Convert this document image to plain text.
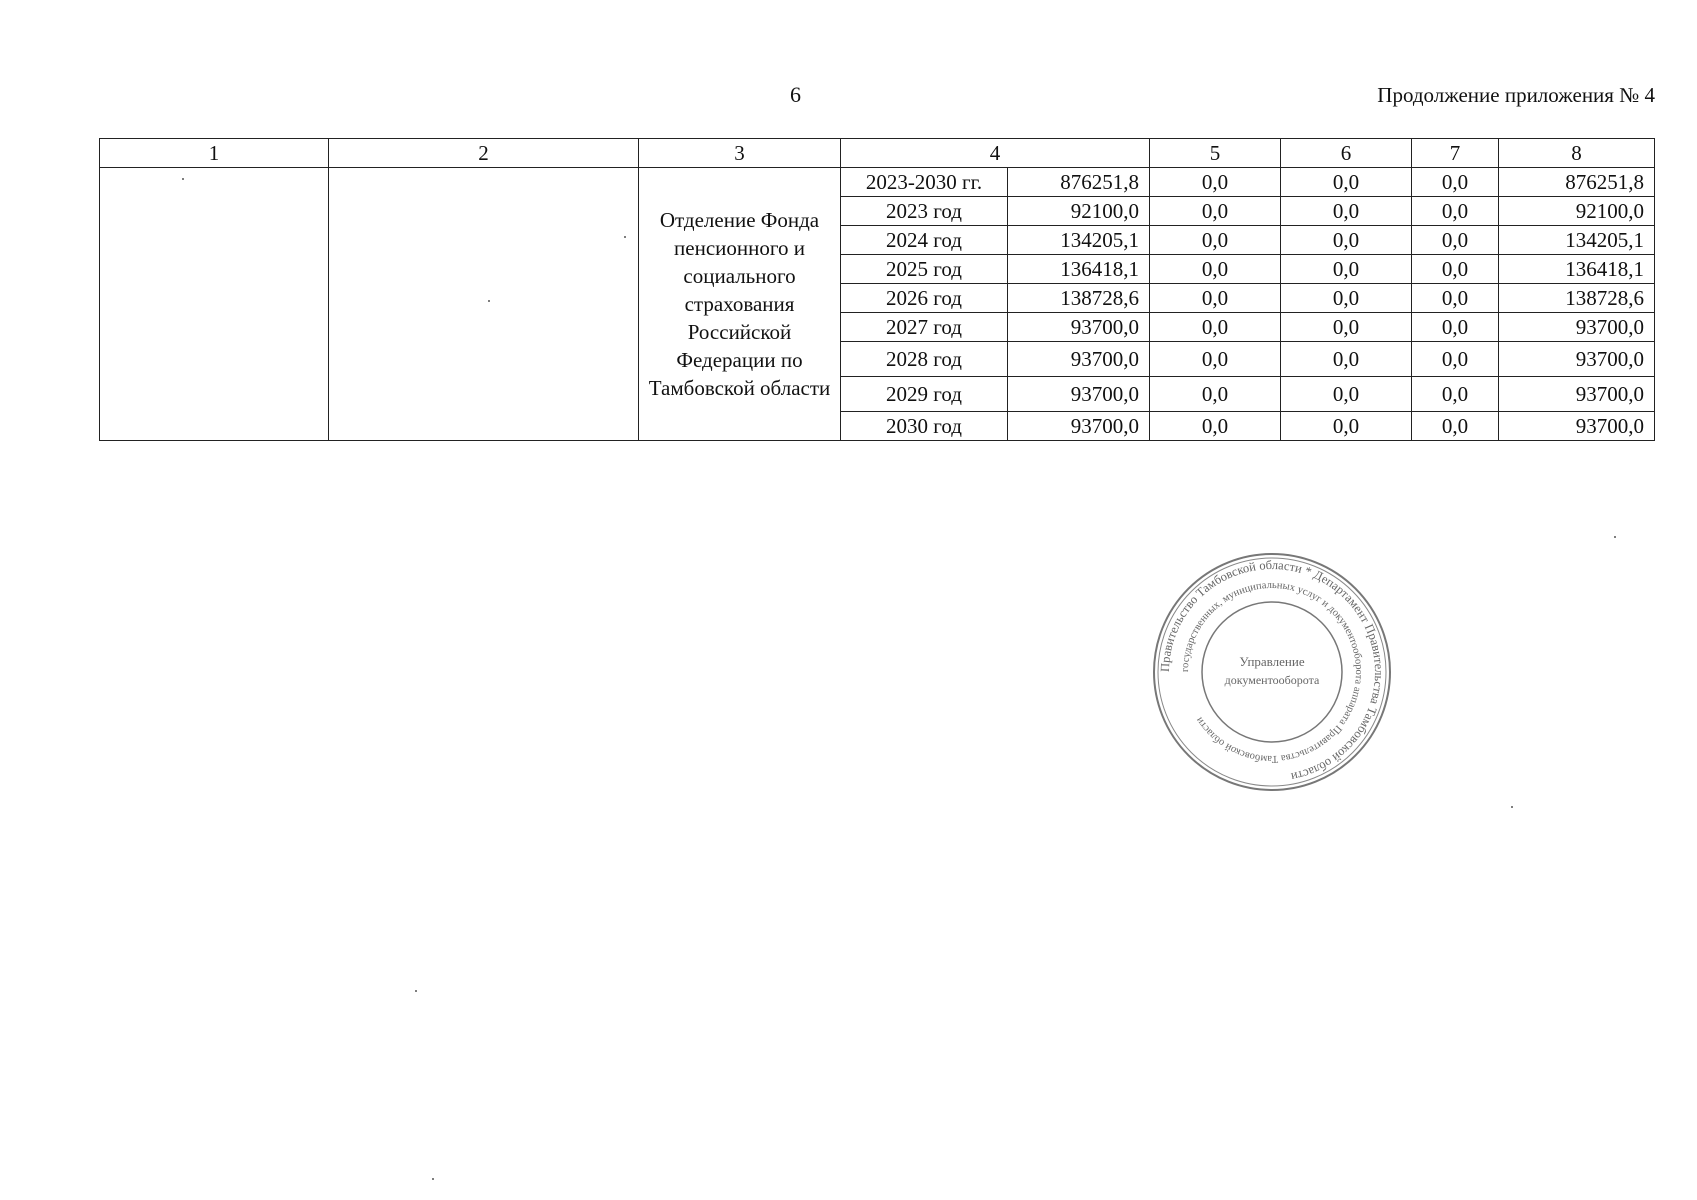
6	Продолжение приложения № 4
1	2	3	4		5	6	7	8
		Отделение Фонда пенсионного и социального страхования Российской Федерации по Тамбовской области	2023-2030 гг.	876251,8	0,0	0,0	0,0	876251,8
			2023 год	92100,0	0,0	0,0	0,0	92100,0
			2024 год	134205,1	0,0	0,0	0,0	134205,1
			2025 год	136418,1	0,0	0,0	0,0	136418,1
			2026 год	138728,6	0,0	0,0	0,0	138728,6
			2027 год	93700,0	0,0	0,0	0,0	93700,0
			2028 год	93700,0	0,0	0,0	0,0	93700,0
			2029 год	93700,0	0,0	0,0	0,0	93700,0
			2030 год	93700,0	0,0	0,0	0,0	93700,0
Правительство Тамбовской области * Департамент Правительства Тамбовской области
государственных, муниципальных услуг и документооборота аппарата Правительства Тамбовской области
Управление
документооборота
